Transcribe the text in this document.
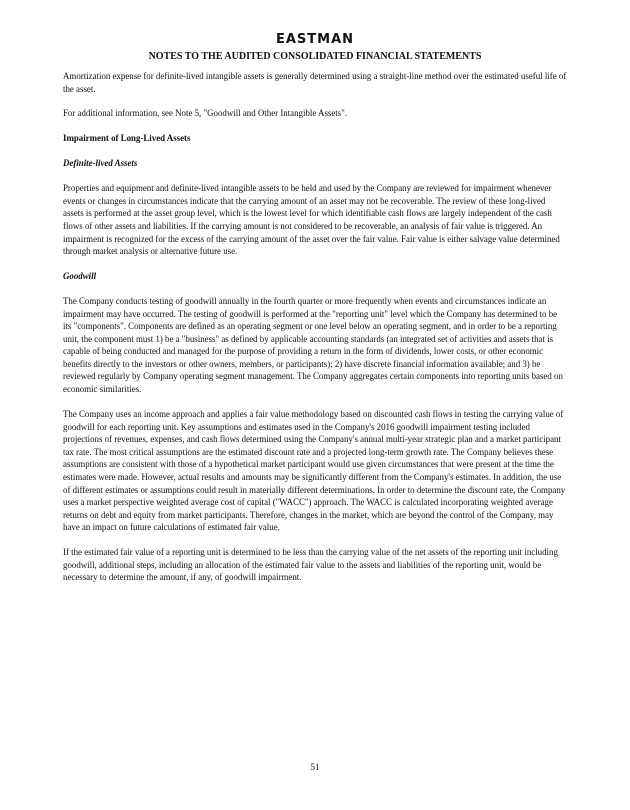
EASTMAN
NOTES TO THE AUDITED CONSOLIDATED FINANCIAL STATEMENTS

Amortization expense for definite-lived intangible assets is generally determined using a straight-line method over the estimated useful life of the asset.

For additional information, see Note 5, "Goodwill and Other Intangible Assets".

Impairment of Long-Lived Assets

Definite-lived Assets

Properties and equipment and definite-lived intangible assets to be held and used by the Company are reviewed for impairment whenever events or changes in circumstances indicate that the carrying amount of an asset may not be recoverable. The review of these long-lived assets is performed at the asset group level, which is the lowest level for which identifiable cash flows are largely independent of the cash flows of other assets and liabilities. If the carrying amount is not considered to be recoverable, an analysis of fair value is triggered. An impairment is recognized for the excess of the carrying amount of the asset over the fair value. Fair value is either salvage value determined through market analysis or alternative future use.

Goodwill

The Company conducts testing of goodwill annually in the fourth quarter or more frequently when events and circumstances indicate an impairment may have occurred. The testing of goodwill is performed at the "reporting unit" level which the Company has determined to be its "components". Components are defined as an operating segment or one level below an operating segment, and in order to be a reporting unit, the component must 1) be a "business" as defined by applicable accounting standards (an integrated set of activities and assets that is capable of being conducted and managed for the purpose of providing a return in the form of dividends, lower costs, or other economic benefits directly to the investors or other owners, members, or participants); 2) have discrete financial information available; and 3) be reviewed regularly by Company operating segment management. The Company aggregates certain components into reporting units based on economic similarities.

The Company uses an income approach and applies a fair value methodology based on discounted cash flows in testing the carrying value of goodwill for each reporting unit. Key assumptions and estimates used in the Company's 2016 goodwill impairment testing included projections of revenues, expenses, and cash flows determined using the Company's annual multi-year strategic plan and a market participant tax rate. The most critical assumptions are the estimated discount rate and a projected long-term growth rate. The Company believes these assumptions are consistent with those of a hypothetical market participant would use given circumstances that were present at the time the estimates were made. However, actual results and amounts may be significantly different from the Company's estimates. In addition, the use of different estimates or assumptions could result in materially different determinations. In order to determine the discount rate, the Company uses a market perspective weighted average cost of capital ("WACC") approach. The WACC is calculated incorporating weighted average returns on debt and equity from market participants. Therefore, changes in the market, which are beyond the control of the Company, may have an impact on future calculations of estimated fair value.

If the estimated fair value of a reporting unit is determined to be less than the carrying value of the net assets of the reporting unit including goodwill, additional steps, including an allocation of the estimated fair value to the assets and liabilities of the reporting unit, would be necessary to determine the amount, if any, of goodwill impairment.

51
